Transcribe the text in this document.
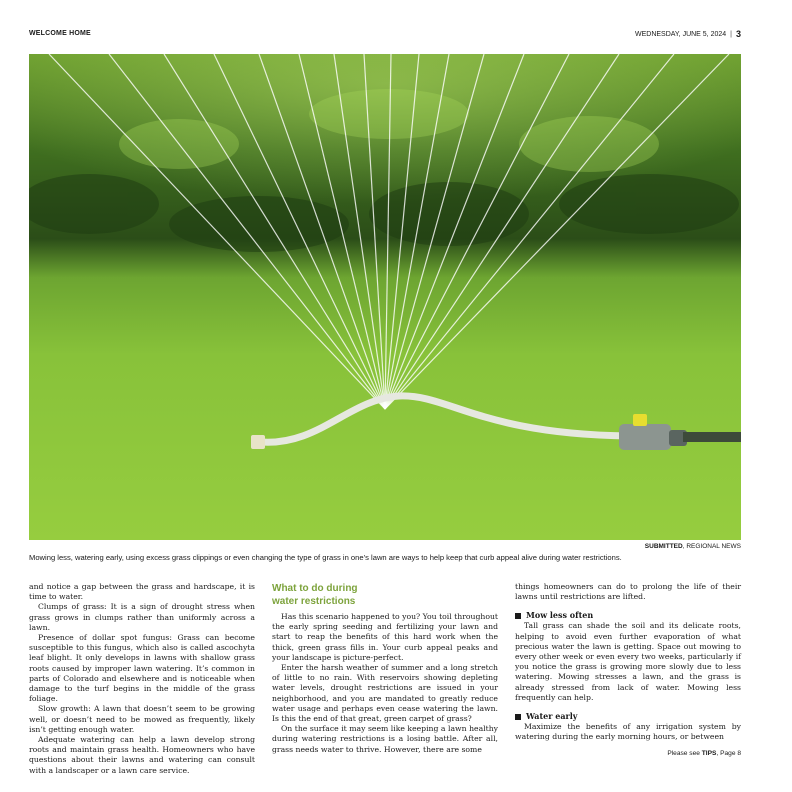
WELCOME HOME	WEDNESDAY, JUNE 5, 2024 | 3
SUBMITTED, REGIONAL NEWS
Mowing less, watering early, using excess grass clippings or even changing the type of grass in one’s lawn are ways to help keep that curb appeal alive during water restrictions.

and notice a gap between the grass and hardscape, it is time to water.

Clumps of grass: It is a sign of drought stress when grass grows in clumps rather than uniformly across a lawn.

Presence of dollar spot fungus: Grass can become susceptible to this fungus, which also is called ascochyta leaf blight. It only develops in lawns with shallow grass roots caused by improper lawn watering. It’s common in parts of Colorado and elsewhere and is noticeable when damage to the turf begins in the middle of the grass foliage.

Slow growth: A lawn that doesn’t seem to be growing well, or doesn’t need to be mowed as frequently, likely isn’t getting enough water.

Adequate watering can help a lawn develop strong roots and maintain grass health. Homeowners who have questions about their lawns and watering can consult with a landscaper or a lawn care service.

What to do during
water restrictions

Has this scenario happened to you? You toil throughout the early spring seeding and fertilizing your lawn and start to reap the benefits of this hard work when the thick, green grass fills in. Your curb appeal peaks and your landscape is picture-perfect.

Enter the harsh weather of summer and a long stretch of little to no rain. With reservoirs showing depleting water levels, drought restrictions are issued in your neighborhood, and you are mandated to greatly reduce water usage and perhaps even cease watering the lawn. Is this the end of that great, green carpet of grass?

On the surface it may seem like keeping a lawn healthy during watering restrictions is a losing battle. After all, grass needs water to thrive. However, there are some

things homeowners can do to prolong the life of their lawns until restrictions are lifted.

Mow less often

Tall grass can shade the soil and its delicate roots, helping to avoid even further evaporation of what precious water the lawn is getting. Space out mowing to every other week or even every two weeks, particularly if you notice the grass is growing more slowly due to less watering. Mowing stresses a lawn, and the grass is already stressed from lack of water. Mowing less frequently can help.

Water early

Maximize the benefits of any irrigation system by watering during the early morning hours, or between

Please see TIPS, Page 8
